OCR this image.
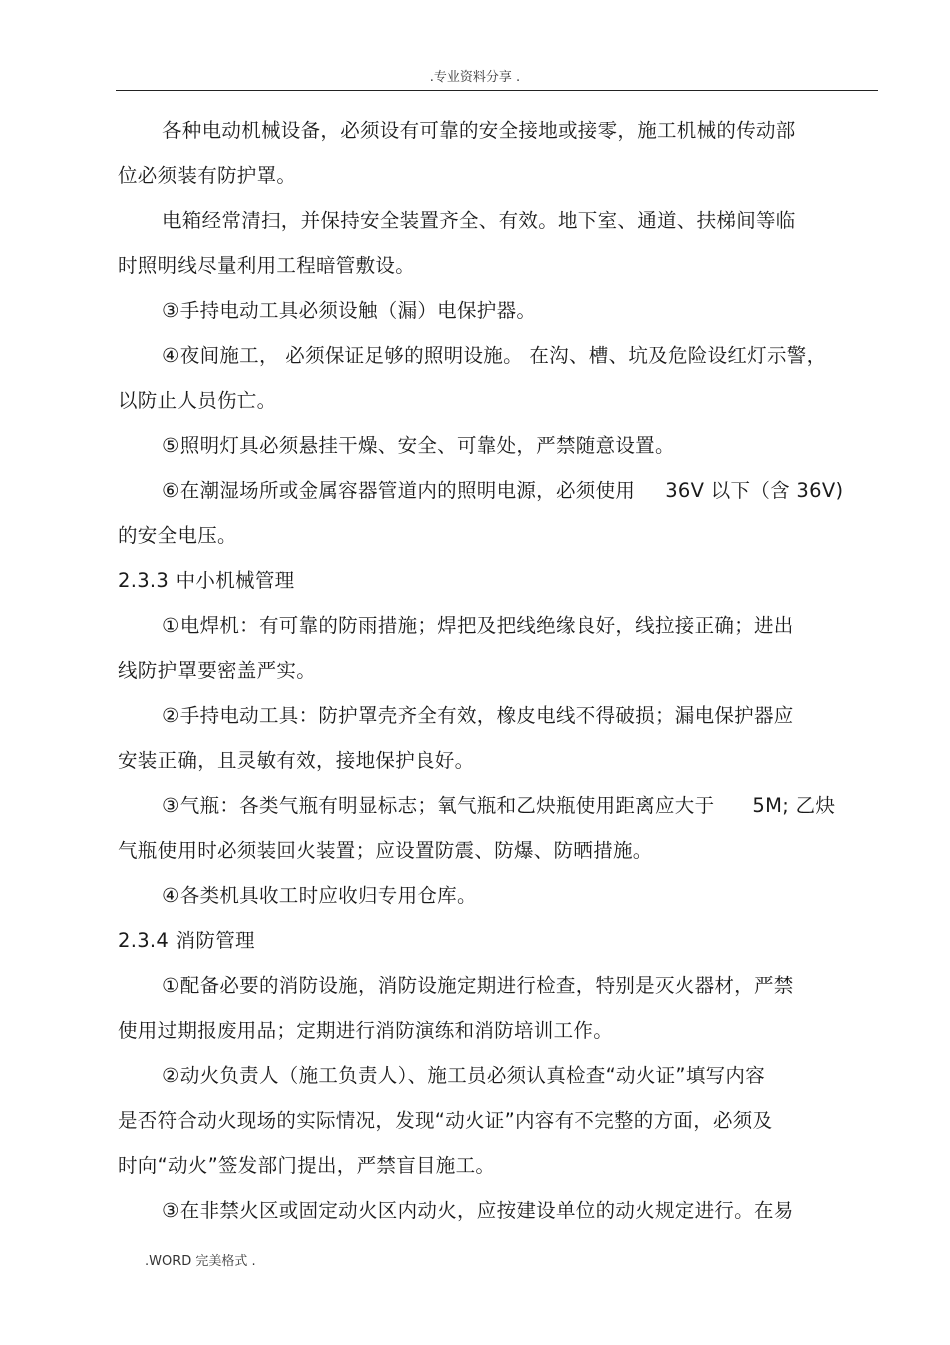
.专业资料分享 .
各种电动机械设备，必须设有可靠的安全接地或接零，施工机械的传动部
位必须装有防护罩。
电箱经常清扫，并保持安全装置齐全、有效。地下室、通道、扶梯间等临
时照明线尽量利用工程暗管敷设。
③手持电动工具必须设触（漏）电保护器。
④夜间施工， 必须保证足够的照明设施。 在沟、槽、坑及危险设红灯示警，
以防止人员伤亡。
⑤照明灯具必须悬挂干燥、安全、可靠处，严禁随意设置。
⑥在潮湿场所或金属容器管道内的照明电源，必须使用 36V 以下（含 36V)
的安全电压。
2.3.3 中小机械管理
①电焊机：有可靠的防雨措施；焊把及把线绝缘良好，线拉接正确；进出
线防护罩要密盖严实。
②手持电动工具：防护罩壳齐全有效，橡皮电线不得破损；漏电保护器应
安装正确，且灵敏有效，接地保护良好。
③气瓶：各类气瓶有明显标志；氧气瓶和乙炔瓶使用距离应大于 5M; 乙炔
气瓶使用时必须装回火装置；应设置防震、防爆、防晒措施。
④各类机具收工时应收归专用仓库。
2.3.4 消防管理
①配备必要的消防设施，消防设施定期进行检查，特别是灭火器材，严禁
使用过期报废用品；定期进行消防演练和消防培训工作。
②动火负责人（施工负责人）、施工员必须认真检查“动火证”填写内容
是否符合动火现场的实际情况，发现“动火证”内容有不完整的方面，必须及
时向“动火”签发部门提出，严禁盲目施工。
③在非禁火区或固定动火区内动火，应按建设单位的动火规定进行。在易
.WORD 完美格式 .
